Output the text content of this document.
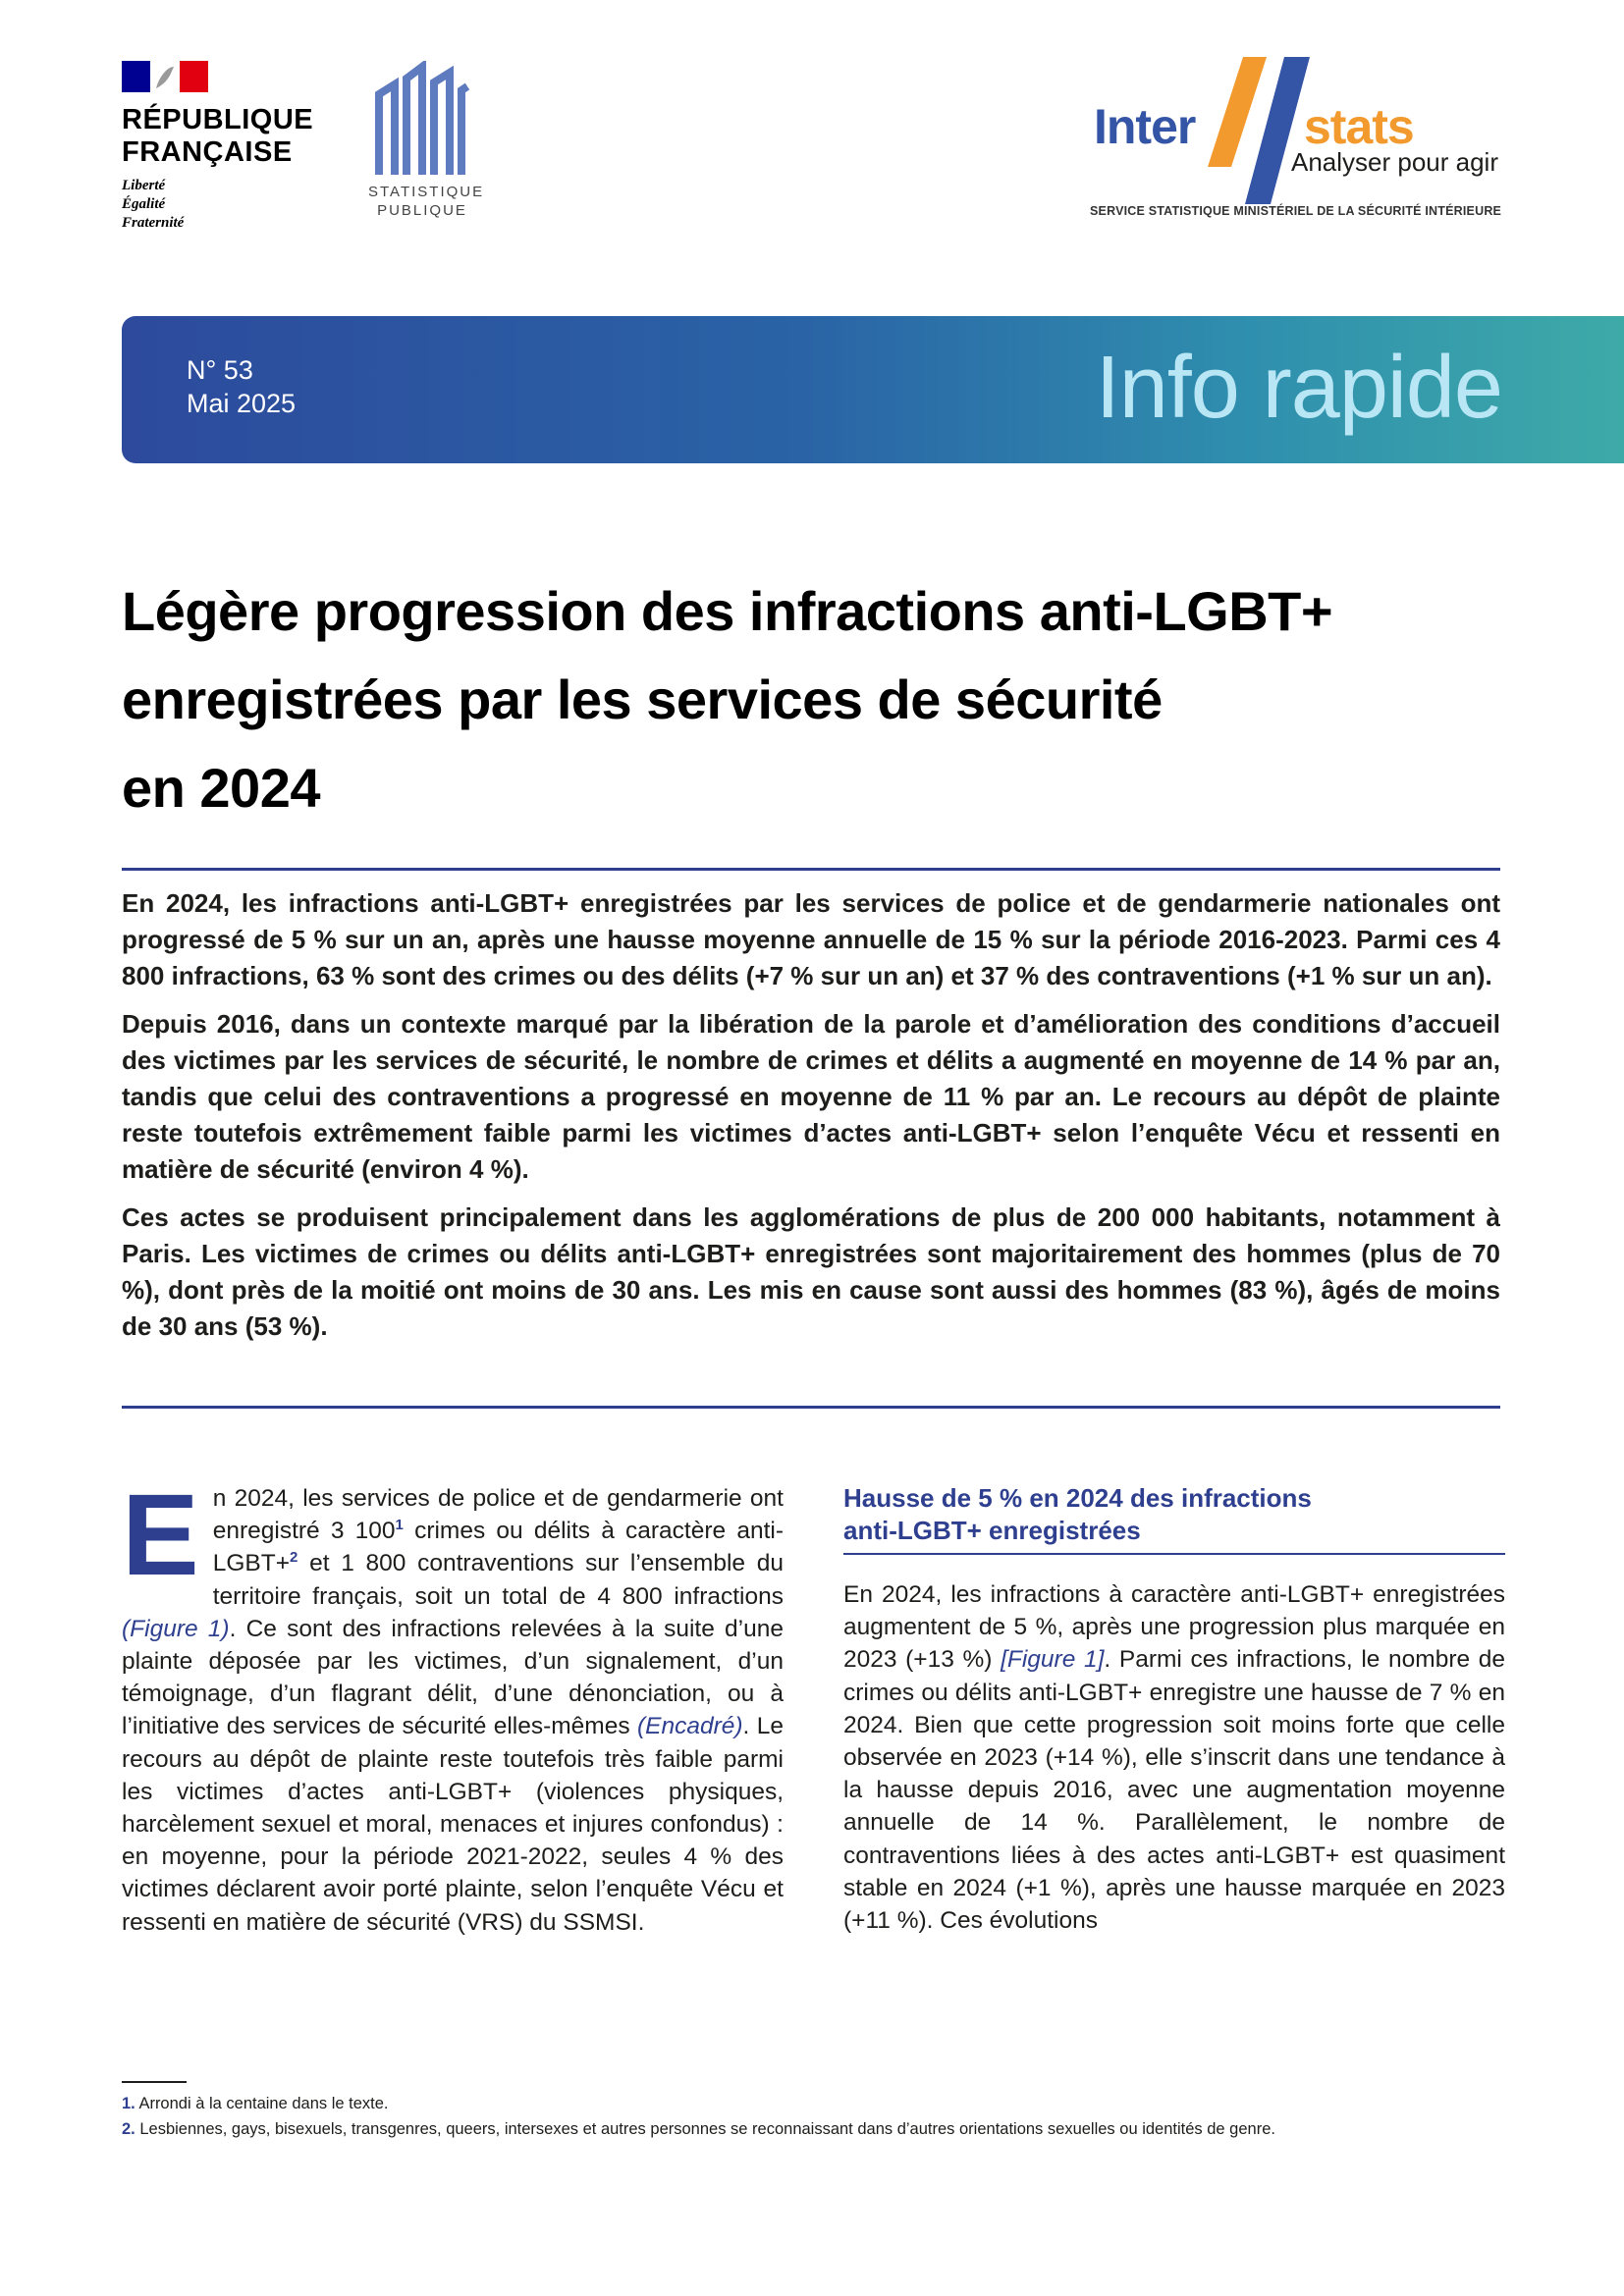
RÉPUBLIQUE
FRANÇAISE
Liberté
Égalité
Fraternité
STATISTIQUE
PUBLIQUE
Inter stats
Analyser pour agir
SERVICE STATISTIQUE MINISTÉRIEL DE LA SÉCURITÉ INTÉRIEURE
N° 53
Mai 2025	Info rapide
Légère progression des infractions anti-LGBT+
enregistrées par les services de sécurité
en 2024

En 2024, les infractions anti-LGBT+ enregistrées par les services de police et de gendarmerie nationales ont progressé de 5 % sur un an, après une hausse moyenne annuelle de 15 % sur la période 2016-2023. Parmi ces 4 800 infractions, 63 % sont des crimes ou des délits (+7 % sur un an) et 37 % des contraventions (+1 % sur un an).

Depuis 2016, dans un contexte marqué par la libération de la parole et d’amélioration des conditions d’accueil des victimes par les services de sécurité, le nombre de crimes et délits a augmenté en moyenne de 14 % par an, tandis que celui des contraventions a progressé en moyenne de 11 % par an. Le recours au dépôt de plainte reste toutefois extrêmement faible parmi les victimes d’actes anti-LGBT+ selon l’enquête Vécu et ressenti en matière de sécurité (environ 4 %).

Ces actes se produisent principalement dans les agglomérations de plus de 200 000 habitants, notamment à Paris. Les victimes de crimes ou délits anti-LGBT+ enregistrées sont majoritairement des hommes (plus de 70 %), dont près de la moitié ont moins de 30 ans. Les mis en cause sont aussi des hommes (83 %), âgés de moins de 30 ans (53 %).

E n 2024, les services de police et de gendarmerie ont enregistré 3 $100^1$ crimes ou délits à caractère anti-LGBT+$^2$ et 1 800 contraventions sur l’ensemble du territoire français, soit un total de 4 800 infractions (Figure 1). Ce sont des infractions relevées à la suite d’une plainte déposée par les victimes, d’un signalement, d’un témoignage, d’un flagrant délit, d’une dénonciation, ou à l’initiative des services de sécurité elles-mêmes (Encadré). Le recours au dépôt de plainte reste toutefois très faible parmi les victimes d’actes anti-LGBT+ (violences physiques, harcèlement sexuel et moral, menaces et injures confondus) : en moyenne, pour la période 2021-2022, seules 4 % des victimes déclarent avoir porté plainte, selon l’enquête Vécu et ressenti en matière de sécurité (VRS) du SSMSI.
Hausse de 5 % en 2024 des infractions
anti-LGBT+ enregistrées
En 2024, les infractions à caractère anti-LGBT+ enregistrées augmentent de 5 %, après une progression plus marquée en 2023 (+13 %) [Figure 1]. Parmi ces infractions, le nombre de crimes ou délits anti-LGBT+ enregistre une hausse de 7 % en 2024. Bien que cette progression soit moins forte que celle observée en 2023 (+14 %), elle s’inscrit dans une tendance à la hausse depuis 2016, avec une augmentation moyenne annuelle de 14 %. Parallèlement, le nombre de contraventions liées à des actes anti-LGBT+ est quasiment stable en 2024 (+1 %), après une hausse marquée en 2023 (+11 %). Ces évolutions
1. Arrondi à la centaine dans le texte.
2. Lesbiennes, gays, bisexuels, transgenres, queers, intersexes et autres personnes se reconnaissant dans d’autres orientations sexuelles ou identités de genre.
